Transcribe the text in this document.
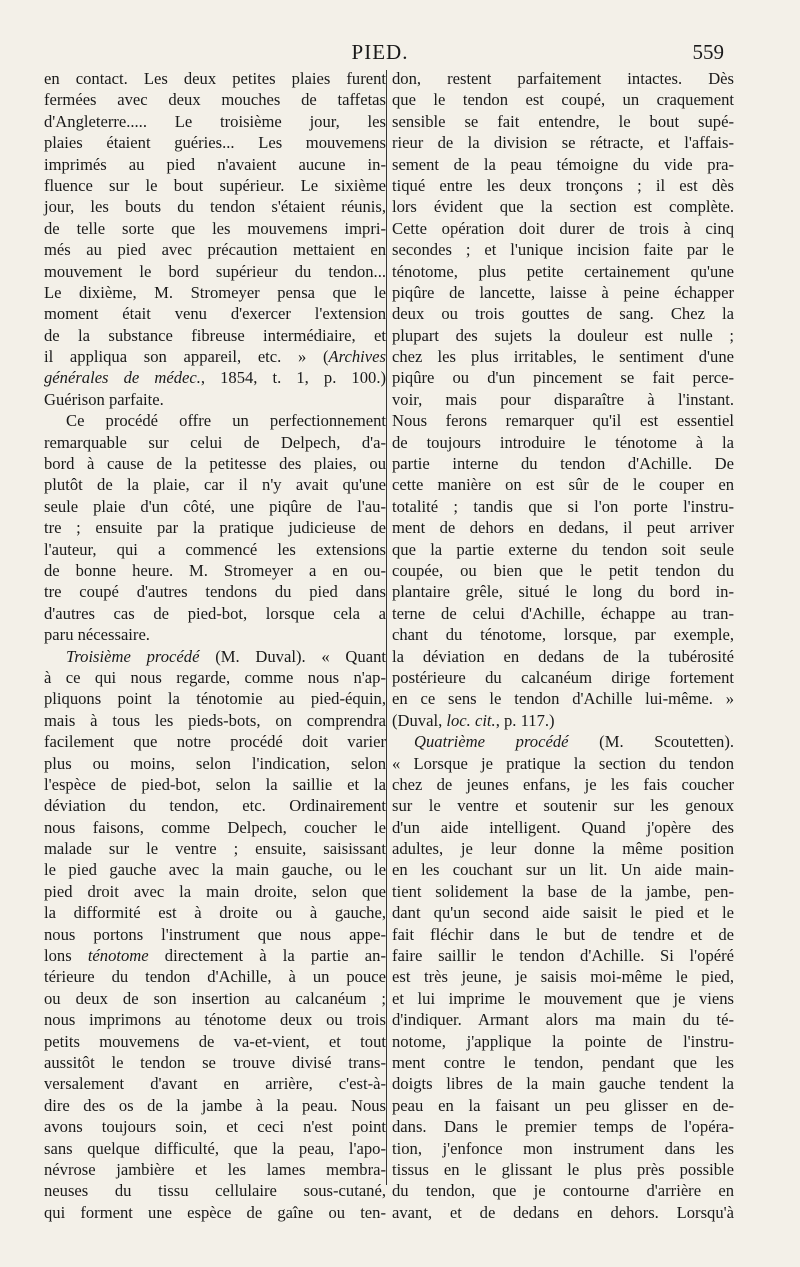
PIED.	559
en contact. Les deux petites plaies furent
fermées avec deux mouches de taffetas
d'Angleterre..... Le troisième jour, les
plaies étaient guéries... Les mouvemens
imprimés au pied n'avaient aucune in-
fluence sur le bout supérieur. Le sixième
jour, les bouts du tendon s'étaient réunis,
de telle sorte que les mouvemens impri-
més au pied avec précaution mettaient en
mouvement le bord supérieur du tendon...
Le dixième, M. Stromeyer pensa que le
moment était venu d'exercer l'extension
de la substance fibreuse intermédiaire, et
il appliqua son appareil, etc. » (Archives
générales de médec., 1854, t. 1, p. 100.)
Guérison parfaite.
Ce procédé offre un perfectionnement
remarquable sur celui de Delpech, d'a-
bord à cause de la petitesse des plaies, ou
plutôt de la plaie, car il n'y avait qu'une
seule plaie d'un côté, une piqûre de l'au-
tre ; ensuite par la pratique judicieuse de
l'auteur, qui a commencé les extensions
de bonne heure. M. Stromeyer a en ou-
tre coupé d'autres tendons du pied dans
d'autres cas de pied-bot, lorsque cela a
paru nécessaire.
Troisième procédé (M. Duval). « Quant
à ce qui nous regarde, comme nous n'ap-
pliquons point la ténotomie au pied-équin,
mais à tous les pieds-bots, on comprendra
facilement que notre procédé doit varier
plus ou moins, selon l'indication, selon
l'espèce de pied-bot, selon la saillie et la
déviation du tendon, etc. Ordinairement
nous faisons, comme Delpech, coucher le
malade sur le ventre ; ensuite, saisissant
le pied gauche avec la main gauche, ou le
pied droit avec la main droite, selon que
la difformité est à droite ou à gauche,
nous portons l'instrument que nous appe-
lons ténotome directement à la partie an-
térieure du tendon d'Achille, à un pouce
ou deux de son insertion au calcanéum ;
nous imprimons au ténotome deux ou trois
petits mouvemens de va-et-vient, et tout
aussitôt le tendon se trouve divisé trans-
versalement d'avant en arrière, c'est-à-
dire des os de la jambe à la peau. Nous
avons toujours soin, et ceci n'est point
sans quelque difficulté, que la peau, l'apo-
névrose jambière et les lames membra-
neuses du tissu cellulaire sous-cutané,
qui forment une espèce de gaîne ou ten-
don, restent parfaitement intactes. Dès
que le tendon est coupé, un craquement
sensible se fait entendre, le bout supé-
rieur de la division se rétracte, et l'affais-
sement de la peau témoigne du vide pra-
tiqué entre les deux tronçons ; il est dès
lors évident que la section est complète.
Cette opération doit durer de trois à cinq
secondes ; et l'unique incision faite par le
ténotome, plus petite certainement qu'une
piqûre de lancette, laisse à peine échapper
deux ou trois gouttes de sang. Chez la
plupart des sujets la douleur est nulle ;
chez les plus irritables, le sentiment d'une
piqûre ou d'un pincement se fait perce-
voir, mais pour disparaître à l'instant.
Nous ferons remarquer qu'il est essentiel
de toujours introduire le ténotome à la
partie interne du tendon d'Achille. De
cette manière on est sûr de le couper en
totalité ; tandis que si l'on porte l'instru-
ment de dehors en dedans, il peut arriver
que la partie externe du tendon soit seule
coupée, ou bien que le petit tendon du
plantaire grêle, situé le long du bord in-
terne de celui d'Achille, échappe au tran-
chant du ténotome, lorsque, par exemple,
la déviation en dedans de la tubérosité
postérieure du calcanéum dirige fortement
en ce sens le tendon d'Achille lui-même. »
(Duval, loc. cit., p. 117.)
Quatrième procédé (M. Scoutetten).
« Lorsque je pratique la section du tendon
chez de jeunes enfans, je les fais coucher
sur le ventre et soutenir sur les genoux
d'un aide intelligent. Quand j'opère des
adultes, je leur donne la même position
en les couchant sur un lit. Un aide main-
tient solidement la base de la jambe, pen-
dant qu'un second aide saisit le pied et le
fait fléchir dans le but de tendre et de
faire saillir le tendon d'Achille. Si l'opéré
est très jeune, je saisis moi-même le pied,
et lui imprime le mouvement que je viens
d'indiquer. Armant alors ma main du té-
notome, j'applique la pointe de l'instru-
ment contre le tendon, pendant que les
doigts libres de la main gauche tendent la
peau en la faisant un peu glisser en de-
dans. Dans le premier temps de l'opéra-
tion, j'enfonce mon instrument dans les
tissus en le glissant le plus près possible
du tendon, que je contourne d'arrière en
avant, et de dedans en dehors. Lorsqu'à
